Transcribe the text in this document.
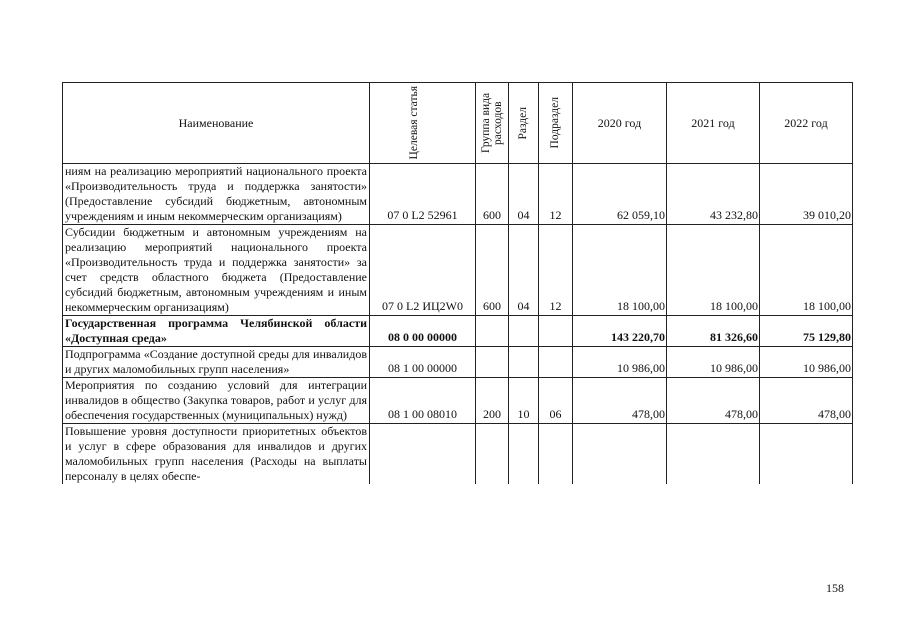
Наименование	Целевая статья	Группа вида расходов	Раздел	Подраздел	2020 год	2021 год	2022 год
ниям на реализацию мероприятий национального проекта «Производительность труда и поддержка занятости» (Предоставление субсидий бюджетным, автономным учреждениям и иным некоммерческим организациям)	07 0 L2 52961	600	04	12	62 059,10	43 232,80	39 010,20
Субсидии бюджетным и автономным учреждениям на реализацию мероприятий национального проекта «Производительность труда и поддержка занятости» за счет средств областного бюджета (Предоставление субсидий бюджетным, автономным учреждениям и иным некоммерческим организациям)	07 0 L2 ИЦ2W0	600	04	12	18 100,00	18 100,00	18 100,00
Государственная программа Челябинской области «Доступная среда»	08 0 00 00000				143 220,70	81 326,60	75 129,80
Подпрограмма «Создание доступной среды для инвалидов и других маломобильных групп населения»	08 1 00 00000				10 986,00	10 986,00	10 986,00
Мероприятия по созданию условий для интеграции инвалидов в общество (Закупка товаров, работ и услуг для обеспечения государственных (муниципальных) нужд)	08 1 00 08010	200	10	06	478,00	478,00	478,00
Повышение уровня доступности приоритетных объектов и услуг в сфере образования для инвалидов и других маломобильных групп населения (Расходы на выплаты персоналу в целях обеспе-							
158
